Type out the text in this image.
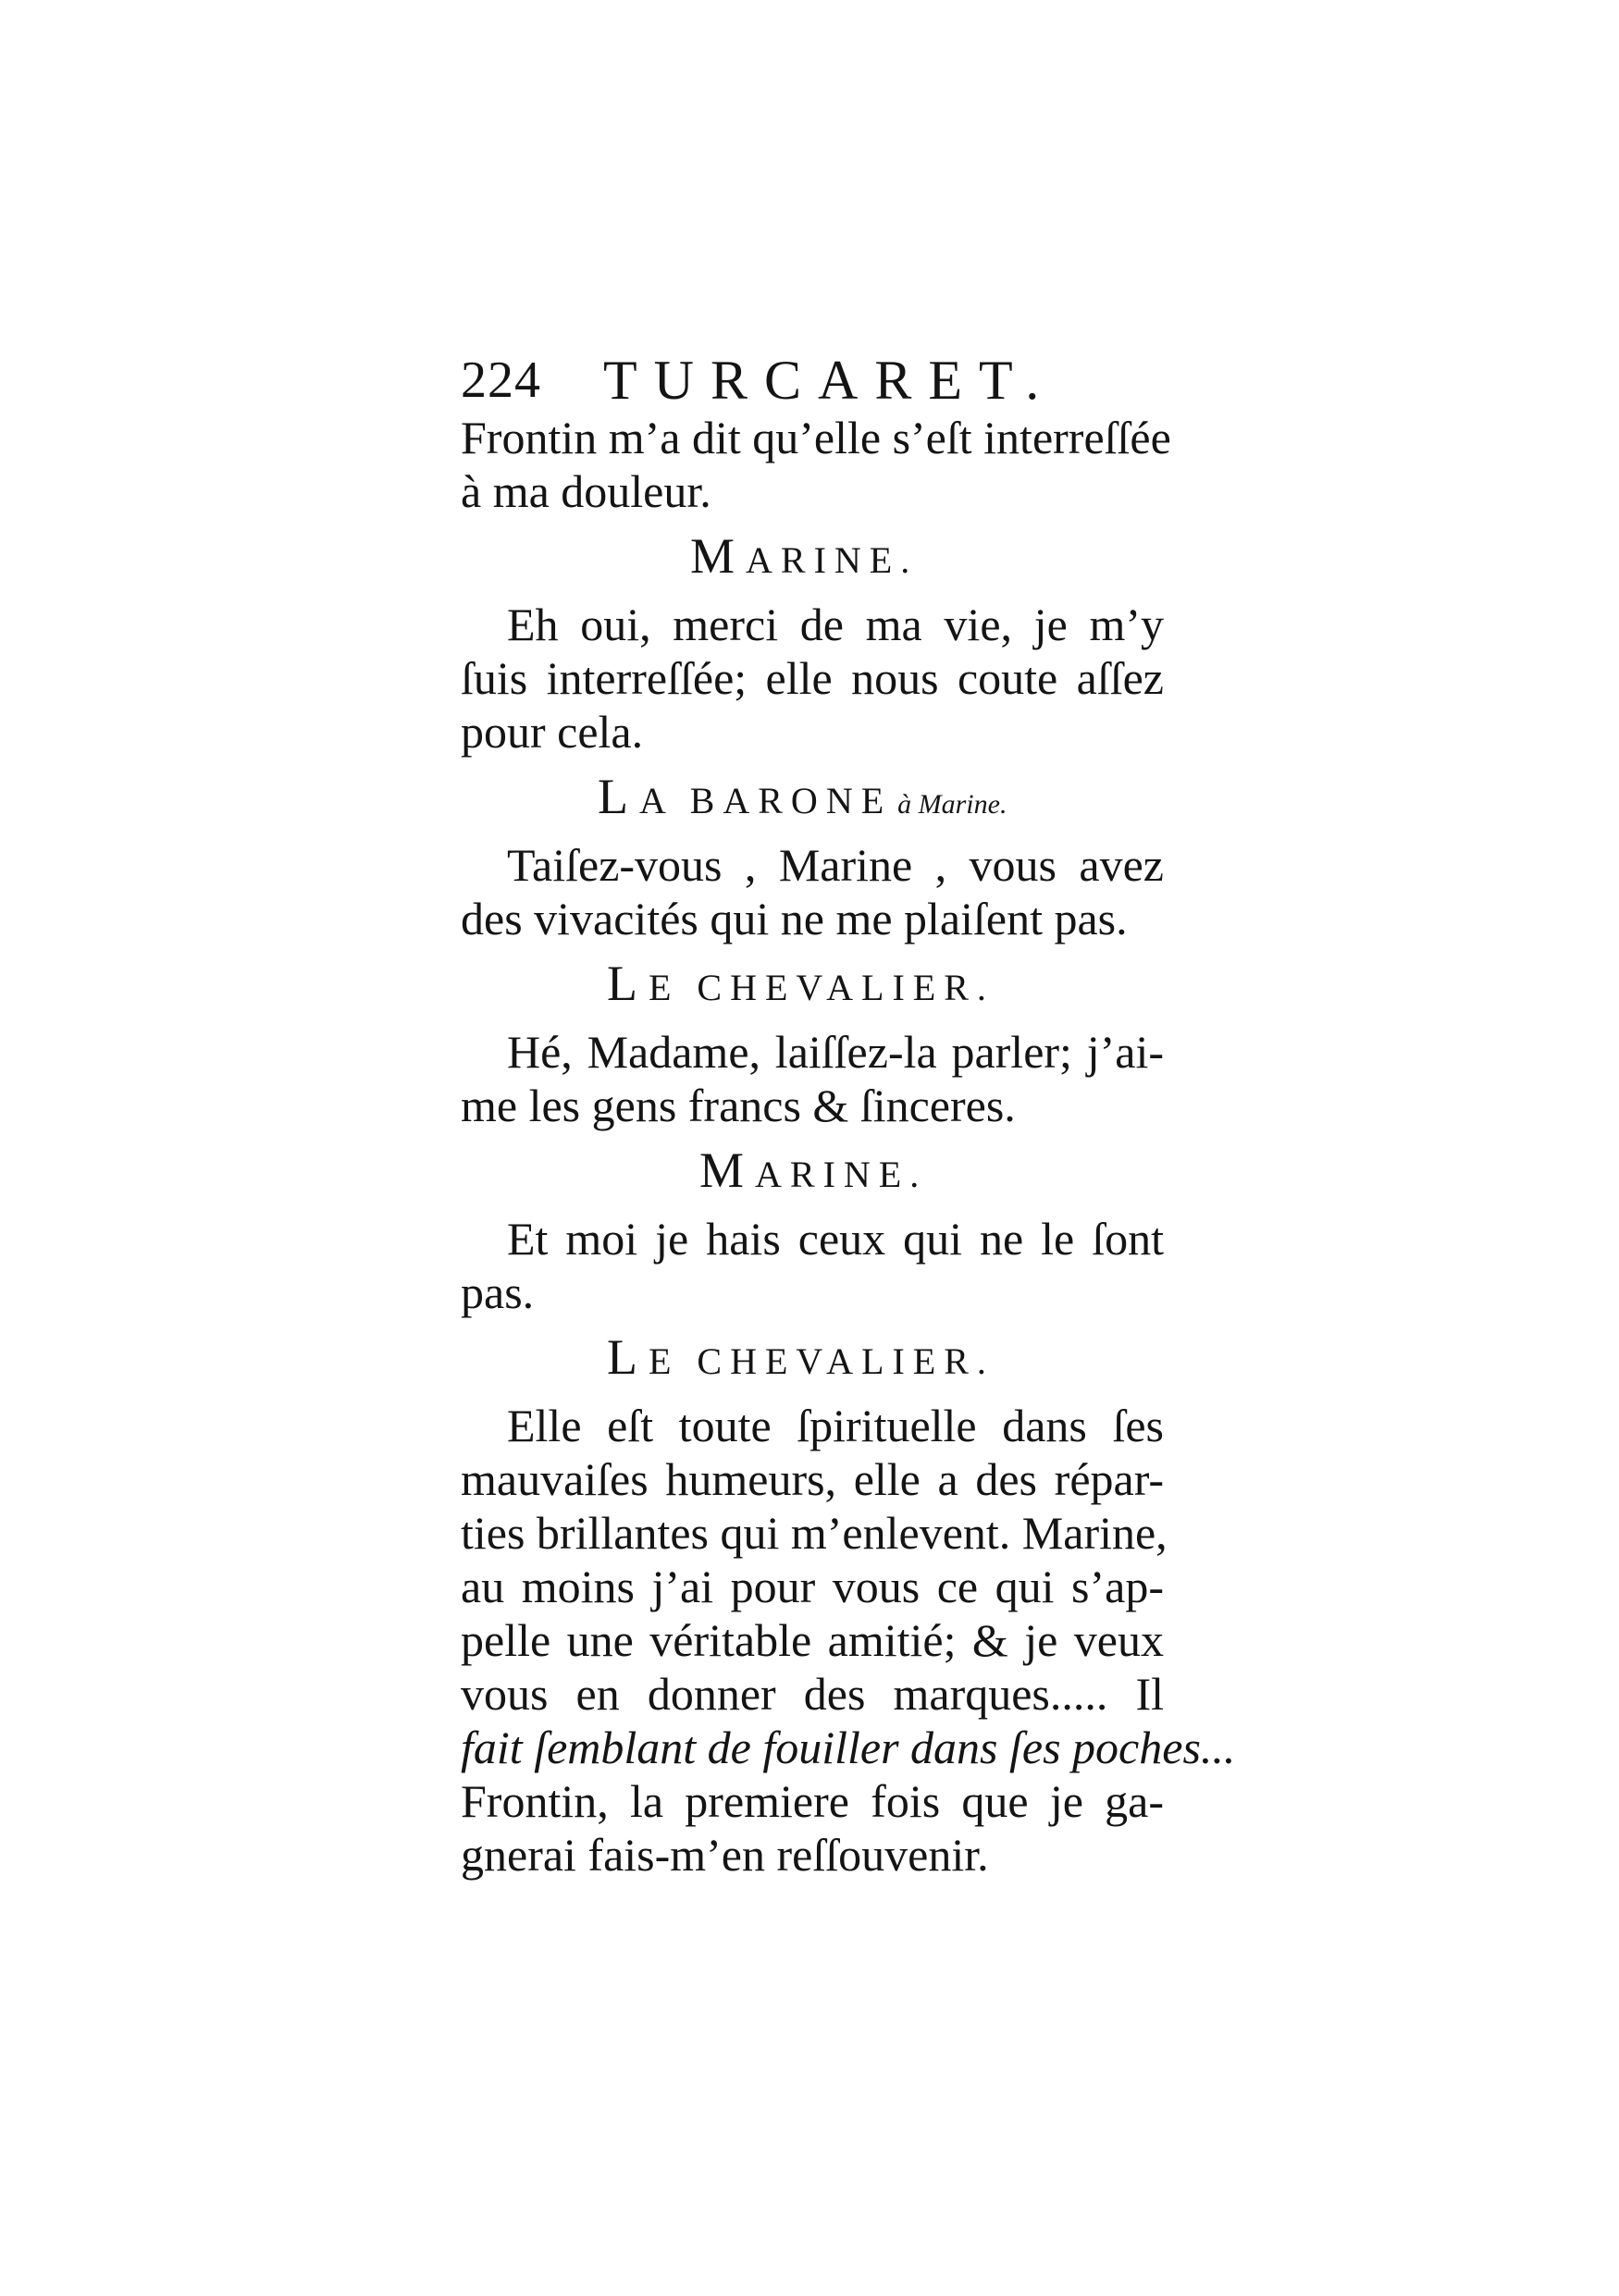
224 TURCARET.
Frontin m’a dit qu’elle s’eſt interreſſée
à ma douleur.
MARINE.
Eh oui, merci de ma vie, je m’y
ſuis interreſſée; elle nous coute aſſez
pour cela.
LA BARONE à Marine.
Taiſez-vous , Marine , vous avez
des vivacités qui ne me plaiſent pas.
LE CHEVALIER.
Hé, Madame, laiſſez-la parler; j’ai-
me les gens francs & ſinceres.
MARINE.
Et moi je hais ceux qui ne le ſont
pas.
LE CHEVALIER.
Elle eſt toute ſpirituelle dans ſes
mauvaiſes humeurs, elle a des répar-
ties brillantes qui m’enlevent. Marine,
au moins j’ai pour vous ce qui s’ap-
pelle une véritable amitié; & je veux
vous en donner des marques..... Il
fait ſemblant de fouiller dans ſes poches...
Frontin, la premiere fois que je ga-
gnerai fais-m’en reſſouvenir.
